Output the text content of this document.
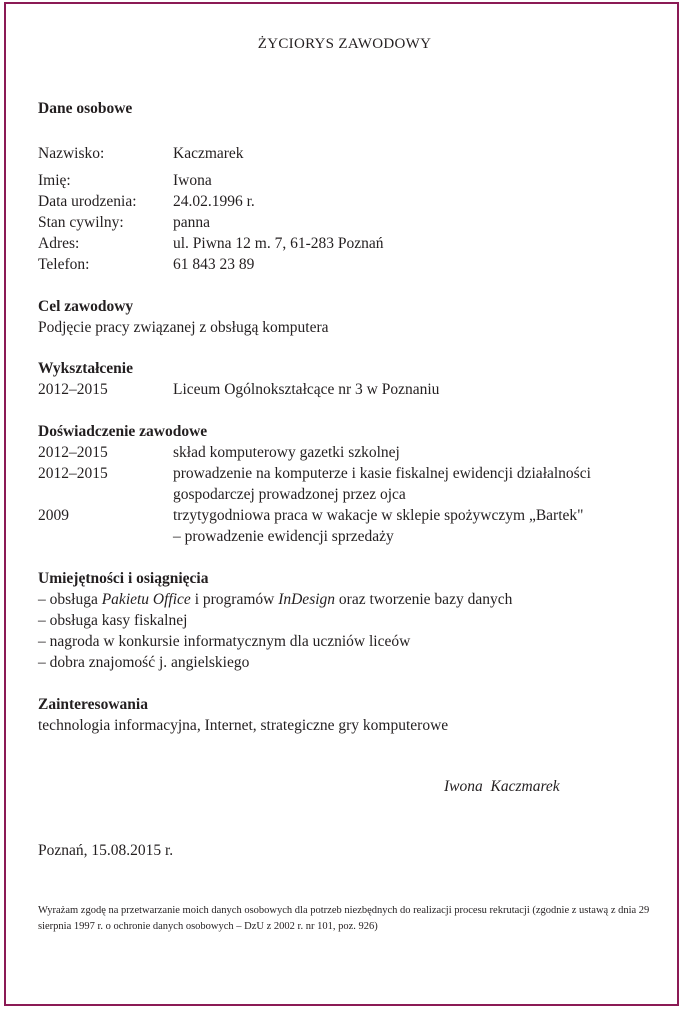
ŻYCIORYS ZAWODOWY
Dane osobowe
Nazwisko:	Kaczmarek
Imię:	Iwona
Data urodzenia:	24.02.1996 r.
Stan cywilny:	panna
Adres:	ul. Piwna 12 m. 7, 61-283 Poznań
Telefon:	61 843 23 89
Cel zawodowy
Podjęcie pracy związanej z obsługą komputera
Wykształcenie
2012–2015	Liceum Ogólnokształcące nr 3 w Poznaniu
Doświadczenie zawodowe
2012–2015	skład komputerowy gazetki szkolnej
2012–2015	prowadzenie na komputerze i kasie fiskalnej ewidencji działalności
gospodarczej prowadzonej przez ojca
2009	trzytygodniowa praca w wakacje w sklepie spożywczym „Bartek"
– prowadzenie ewidencji sprzedaży
Umiejętności i osiągnięcia
– obsługa Pakietu Office i programów InDesign oraz tworzenie bazy danych
– obsługa kasy fiskalnej
– nagroda w konkursie informatycznym dla uczniów liceów
– dobra znajomość j. angielskiego
Zainteresowania
technologia informacyjna, Internet, strategiczne gry komputerowe
Iwona  Kaczmarek
Poznań, 15.08.2015 r.
Wyrażam zgodę na przetwarzanie moich danych osobowych dla potrzeb niezbędnych do realizacji procesu rekrutacji (zgodnie z ustawą z dnia 29 sierpnia 1997 r. o ochronie danych osobowych – DzU z 2002 r. nr 101, poz. 926)
